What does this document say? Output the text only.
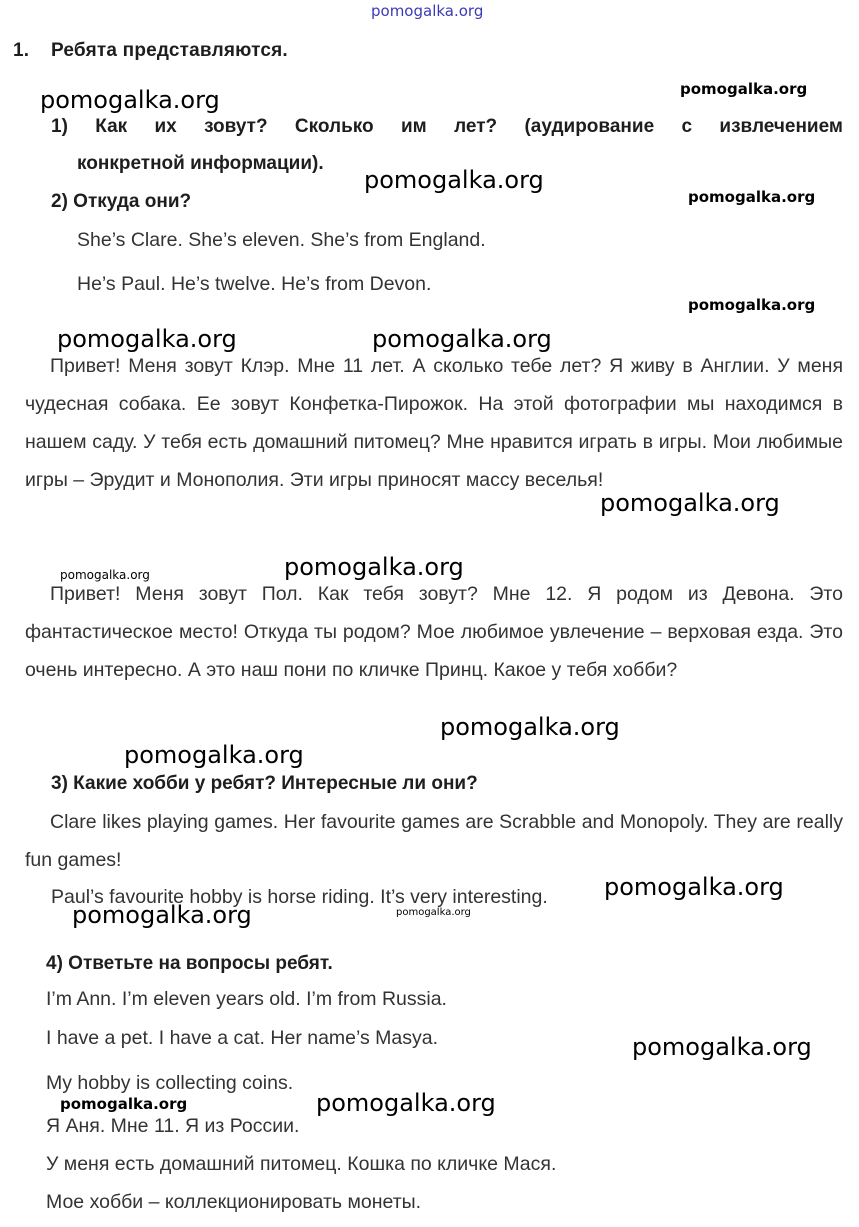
pomogalka.org
pomogalka.org	pomogalka.org
pomogalka.org
pomogalka.org
pomogalka.org
pomogalka.org	pomogalka.org
pomogalka.org
pomogalka.org	pomogalka.org
pomogalka.org
pomogalka.org
pomogalka.org
pomogalka.org	pomogalka.org
pomogalka.org
pomogalka.org	pomogalka.org
1. Ребята представляются.
1) Как их зовут? Сколько им лет? (аудирование с извлечением
конкретной информации).
2) Откуда они?
She’s Clare. She’s eleven. She’s from England.
He’s Paul. He’s twelve. He’s from Devon.
Привет! Меня зовут Клэр. Мне 11 лет. А сколько тебе лет? Я живу в Англии. У меня чудесная собака. Ее зовут Конфетка-Пирожок. На этой фотографии мы находимся в нашем саду. У тебя есть домашний питомец? Мне нравится играть в игры. Мои любимые игры – Эрудит и Монополия. Эти игры приносят массу веселья!
Привет! Меня зовут Пол. Как тебя зовут? Мне 12. Я родом из Девона. Это фантастическое место! Откуда ты родом? Мое любимое увлечение – верховая езда. Это очень интересно. А это наш пони по кличке Принц. Какое у тебя хобби?
3) Какие хобби у ребят? Интересные ли они?
Clare likes playing games. Her favourite games are Scrabble and Monopoly. They are really fun games!
Paul’s favourite hobby is horse riding. It’s very interesting.
4) Ответьте на вопросы ребят.
I’m Ann. I’m eleven years old. I’m from Russia.
I have a pet. I have a cat. Her name’s Masya.
My hobby is collecting coins.
Я Аня. Мне 11. Я из России.
У меня есть домашний питомец. Кошка по кличке Мася.
Мое хобби – коллекционировать монеты.
